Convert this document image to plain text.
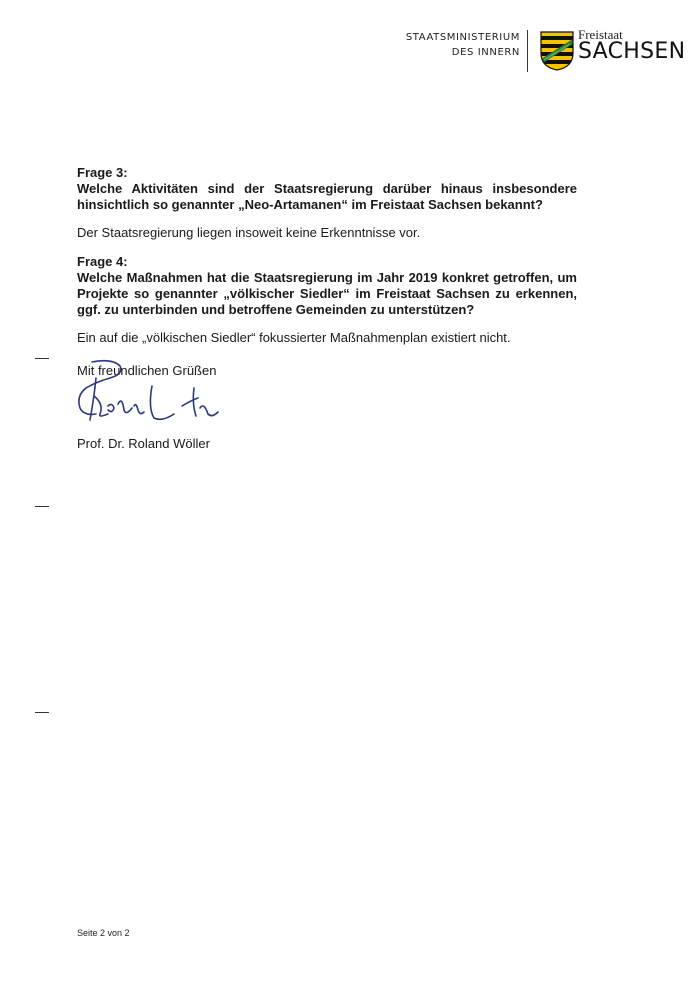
STAATSMINISTERIUM
DES INNERN
Freistaat
SACHSEN

Frage 3:

Welche Aktivitäten sind der Staatsregierung darüber hinaus insbesondere hinsichtlich so genannter „Neo-Artamanen“ im Freistaat Sachsen bekannt?

Der Staatsregierung liegen insoweit keine Erkenntnisse vor.

Frage 4:

Welche Maßnahmen hat die Staatsregierung im Jahr 2019 konkret getroffen, um Projekte so genannter „völkischer Siedler“ im Freistaat Sachsen zu erkennen, ggf. zu unterbinden und betroffene Gemeinden zu unterstützen?

Ein auf die „völkischen Siedler“ fokussierter Maßnahmenplan existiert nicht.

Mit freundlichen Grüßen
Prof. Dr. Roland Wöller
Seite 2 von 2
